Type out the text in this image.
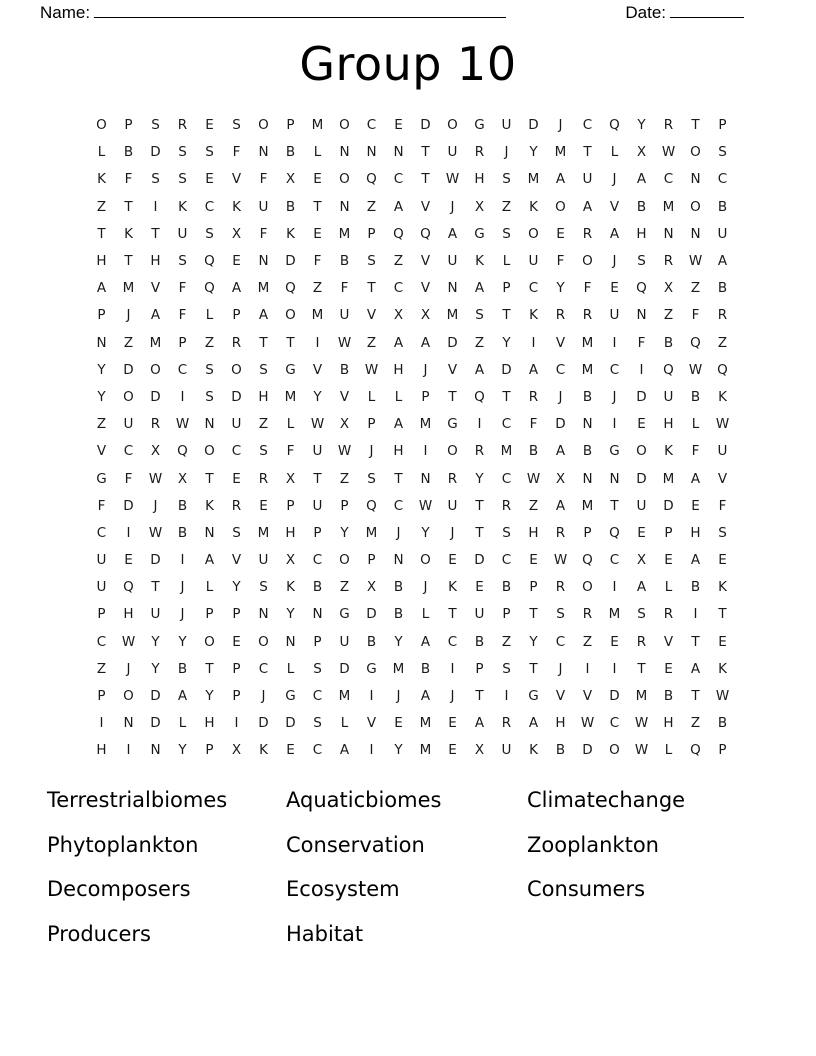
Name:	Date:
Group 10
O	P	S	R	E	S	O	P	M	O	C	E	D	O	G	U	D	J	C	Q	Y	R	T	P
L	B	D	S	S	F	N	B	L	N	N	N	T	U	R	J	Y	M	T	L	X	W	O	S
K	F	S	S	E	V	F	X	E	O	Q	C	T	W	H	S	M	A	U	J	A	C	N	C
Z	T	I	K	C	K	U	B	T	N	Z	A	V	J	X	Z	K	O	A	V	B	M	O	B
T	K	T	U	S	X	F	K	E	M	P	Q	Q	A	G	S	O	E	R	A	H	N	N	U
H	T	H	S	Q	E	N	D	F	B	S	Z	V	U	K	L	U	F	O	J	S	R	W	A
A	M	V	F	Q	A	M	Q	Z	F	T	C	V	N	A	P	C	Y	F	E	Q	X	Z	B
P	J	A	F	L	P	A	O	M	U	V	X	X	M	S	T	K	R	R	U	N	Z	F	R
N	Z	M	P	Z	R	T	T	I	W	Z	A	A	D	Z	Y	I	V	M	I	F	B	Q	Z
Y	D	O	C	S	O	S	G	V	B	W	H	J	V	A	D	A	C	M	C	I	Q	W	Q
Y	O	D	I	S	D	H	M	Y	V	L	L	P	T	Q	T	R	J	B	J	D	U	B	K
Z	U	R	W	N	U	Z	L	W	X	P	A	M	G	I	C	F	D	N	I	E	H	L	W
V	C	X	Q	O	C	S	F	U	W	J	H	I	O	R	M	B	A	B	G	O	K	F	U
G	F	W	X	T	E	R	X	T	Z	S	T	N	R	Y	C	W	X	N	N	D	M	A	V
F	D	J	B	K	R	E	P	U	P	Q	C	W	U	T	R	Z	A	M	T	U	D	E	F
C	I	W	B	N	S	M	H	P	Y	M	J	Y	J	T	S	H	R	P	Q	E	P	H	S
U	E	D	I	A	V	U	X	C	O	P	N	O	E	D	C	E	W	Q	C	X	E	A	E
U	Q	T	J	L	Y	S	K	B	Z	X	B	J	K	E	B	P	R	O	I	A	L	B	K
P	H	U	J	P	P	N	Y	N	G	D	B	L	T	U	P	T	S	R	M	S	R	I	T
C	W	Y	Y	O	E	O	N	P	U	B	Y	A	C	B	Z	Y	C	Z	E	R	V	T	E
Z	J	Y	B	T	P	C	L	S	D	G	M	B	I	P	S	T	J	I	I	T	E	A	K
P	O	D	A	Y	P	J	G	C	M	I	J	A	J	T	I	G	V	V	D	M	B	T	W
I	N	D	L	H	I	D	D	S	L	V	E	M	E	A	R	A	H	W	C	W	H	Z	B
H	I	N	Y	P	X	K	E	C	A	I	Y	M	E	X	U	K	B	D	O	W	L	Q	P
Terrestrialbiomes	Aquaticbiomes	Climatechange
Phytoplankton	Conservation	Zooplankton
Decomposers	Ecosystem	Consumers
Producers	Habitat
